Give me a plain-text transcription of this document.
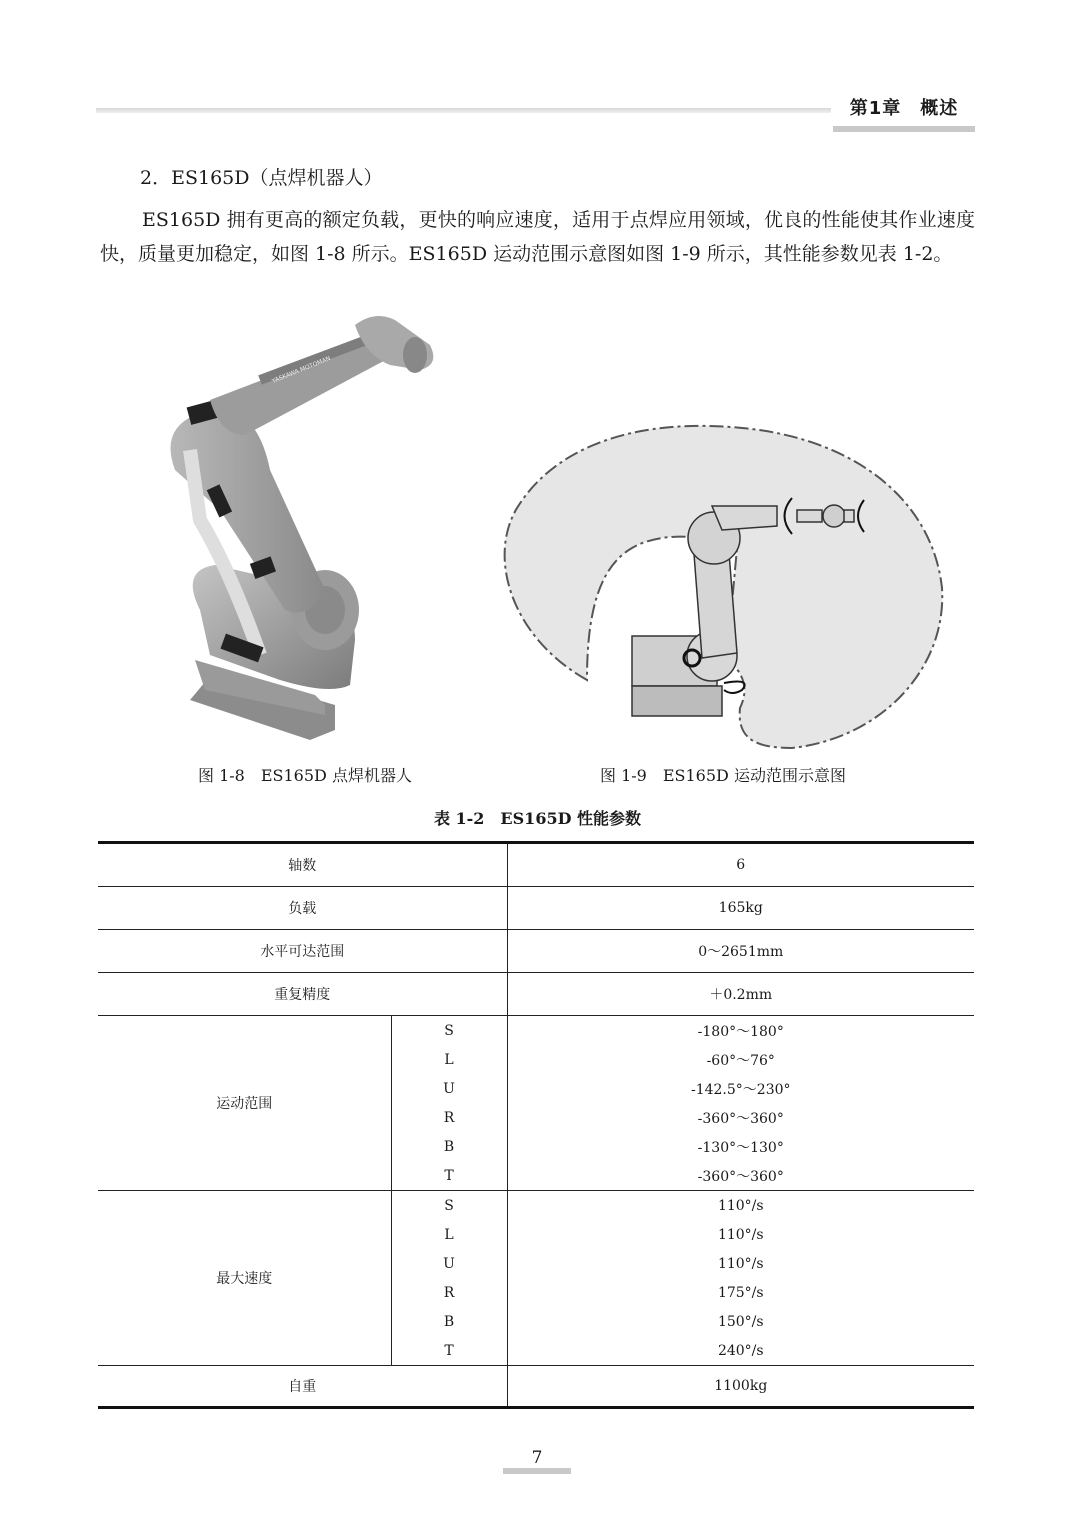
第1章　概述
2．ES165D（点焊机器人）

ES165D 拥有更高的额定负载，更快的响应速度，适用于点焊应用领域，优良的性能使其作业速度快，质量更加稳定，如图 1-8 所示。ES165D 运动范围示意图如图 1-9 所示，其性能参数见表 1-2。

YASKAWA MOTOMAN

图 1-8　ES165D 点焊机器人	图 1-9　ES165D 运动范围示意图

表 1-2　ES165D 性能参数

轴数		6
负载		165kg
水平可达范围		0～2651mm
重复精度		＋0.2mm
运动范围	S	-180°～180°
	L	-60°～76°
	U	-142.5°～230°
	R	-360°～360°
	B	-130°～130°
	T	-360°～360°
最大速度	S	110°/s
	L	110°/s
	U	110°/s
	R	175°/s
	B	150°/s
	T	240°/s
自重		1100kg
7
